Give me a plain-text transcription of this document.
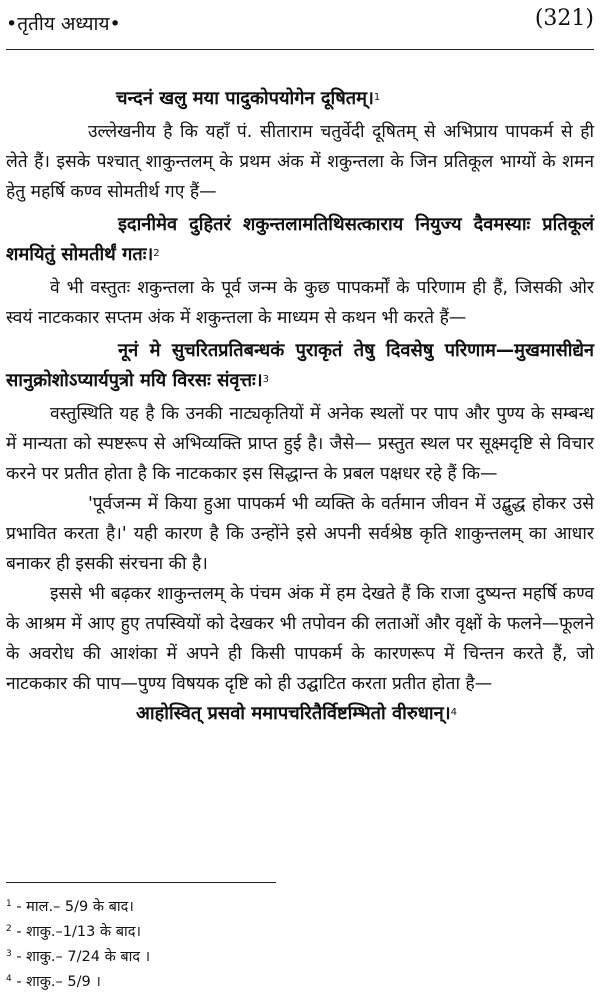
•तृतीय अध्याय•	(321)

चन्दनं खलु मया पादुकोपयोगेन दूषितम्।$^1$

उल्लेखनीय है कि यहाँ पं. सीताराम चतुर्वेदी दूषितम् से अभिप्राय पापकर्म से ही लेते हैं। इसके पश्चात् शाकुन्तलम् के प्रथम अंक में शकुन्तला के जिन प्रतिकूल भाग्यों के शमन हेतु महर्षि कण्व सोमतीर्थ गए हैं—

इदानीमेव दुहितरं शकुन्तलामतिथिसत्काराय नियुज्य दैवमस्याः प्रतिकूलं शमयितुं सोमतीर्थं गतः।$^2$

वे भी वस्तुतः शकुन्तला के पूर्व जन्म के कुछ पापकर्मों के परिणाम ही हैं, जिसकी ओर स्वयं नाटककार सप्तम अंक में शकुन्तला के माध्यम से कथन भी करते हैं—

नूनं मे सुचरितप्रतिबन्धकं पुराकृतं तेषु दिवसेषु परिणाम—मुखमासीद्येन सानुक्रोशोऽप्यार्यपुत्रो मयि विरसः संवृत्तः।$^3$

वस्तुस्थिति यह है कि उनकी नाट्यकृतियों में अनेक स्थलों पर पाप और पुण्य के सम्बन्ध में मान्यता को स्पष्टरूप से अभिव्यक्ति प्राप्त हुई है। जैसे— प्रस्तुत स्थल पर सूक्ष्मदृष्टि से विचार करने पर प्रतीत होता है कि नाटककार इस सिद्धान्त के प्रबल पक्षधर रहे हैं कि—

'पूर्वजन्म में किया हुआ पापकर्म भी व्यक्ति के वर्तमान जीवन में उद्बुद्ध होकर उसे प्रभावित करता है।' यही कारण है कि उन्होंने इसे अपनी सर्वश्रेष्ठ कृति शाकुन्तलम् का आधार बनाकर ही इसकी संरचना की है।

इससे भी बढ़कर शाकुन्तलम् के पंचम अंक में हम देखते हैं कि राजा दुष्यन्त महर्षि कण्व के आश्रम में आए हुए तपस्वियों को देखकर भी तपोवन की लताओं और वृक्षों के फलने—फूलने के अवरोध की आशंका में अपने ही किसी पापकर्म के कारणरूप में चिन्तन करते हैं, जो नाटककार की पाप—पुण्य विषयक दृष्टि को ही उद्घाटित करता प्रतीत होता है—

आहोस्वित् प्रसवो ममापचरितैर्विष्टम्भितो वीरुधान्।$^4$

$^1$ - माल.– 5/9 के बाद।
$^2$ - शाकु.–1/13 के बाद।
$^3$ - शाकु.– 7/24 के बाद ।
$^4$ - शाकु.– 5/9 ।
